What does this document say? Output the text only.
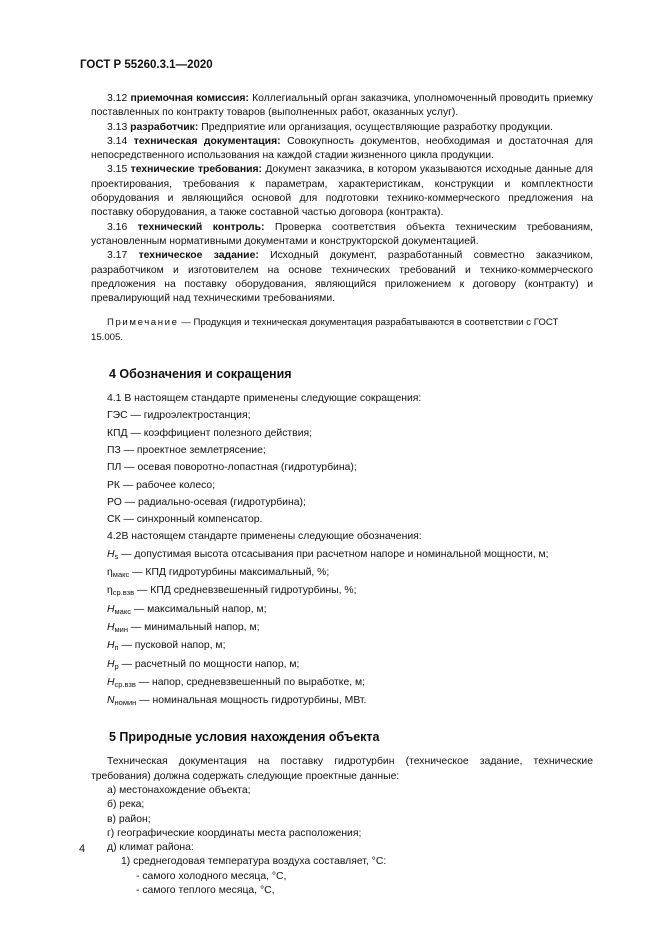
ГОСТ Р 55260.3.1—2020

3.12 приемочная комиссия: Коллегиальный орган заказчика, уполномоченный проводить приемку поставленных по контракту товаров (выполненных работ, оказанных услуг).

3.13 разработчик: Предприятие или организация, осуществляющие разработку продукции.

3.14 техническая документация: Совокупность документов, необходимая и достаточная для непосредственного использования на каждой стадии жизненного цикла продукции.

3.15 технические требования: Документ заказчика, в котором указываются исходные данные для проектирования, требования к параметрам, характеристикам, конструкции и комплектности оборудования и являющийся основой для подготовки технико-коммерческого предложения на поставку оборудования, а также составной частью договора (контракта).

3.16 технический контроль: Проверка соответствия объекта техническим требованиям, установленным нормативными документами и конструкторской документацией.

3.17 техническое задание: Исходный документ, разработанный совместно заказчиком, разработчиком и изготовителем на основе технических требований и технико-коммерческого предложения на поставку оборудования, являющийся приложением к договору (контракту) и превалирующий над техническими требованиями.

Примечание — Продукция и техническая документация разрабатываются в соответствии с ГОСТ 15.005.

4 Обозначения и сокращения
4.1 В настоящем стандарте применены следующие сокращения:
ГЭС — гидроэлектростанция;
КПД — коэффициент полезного действия;
ПЗ — проектное землетрясение;
ПЛ — осевая поворотно-лопастная (гидротурбина);
РК — рабочее колесо;
РО — радиально-осевая (гидротурбина);
СК — синхронный компенсатор.
4.2В настоящем стандарте применены следующие обозначения:
$H_s$ — допустимая высота отсасывания при расчетном напоре и номинальной мощности, м;
$\eta_{макс}$ — КПД гидротурбины максимальный, %;
$\eta_{ср.взв}$ — КПД средневзвешенный гидротурбины, %;
$H_{макс}$ — максимальный напор, м;
$H_{мин}$ — минимальный напор, м;
$H_п$ — пусковой напор, м;
$H_р$ — расчетный по мощности напор, м;
$H_{ср.взв}$ — напор, средневзвешенный по выработке, м;
$N_{номин}$ — номинальная мощность гидротурбины, МВт.
5 Природные условия нахождения объекта

Техническая документация на поставку гидротурбин (техническое задание, технические требования) должна содержать следующие проектные данные:

а) местонахождение объекта;
б) река;
в) район;
г) географические координаты места расположения;
д) климат района:
1) среднегодовая температура воздуха составляет, °С:
- самого холодного месяца, °С,
- самого теплого месяца, °С,
4
